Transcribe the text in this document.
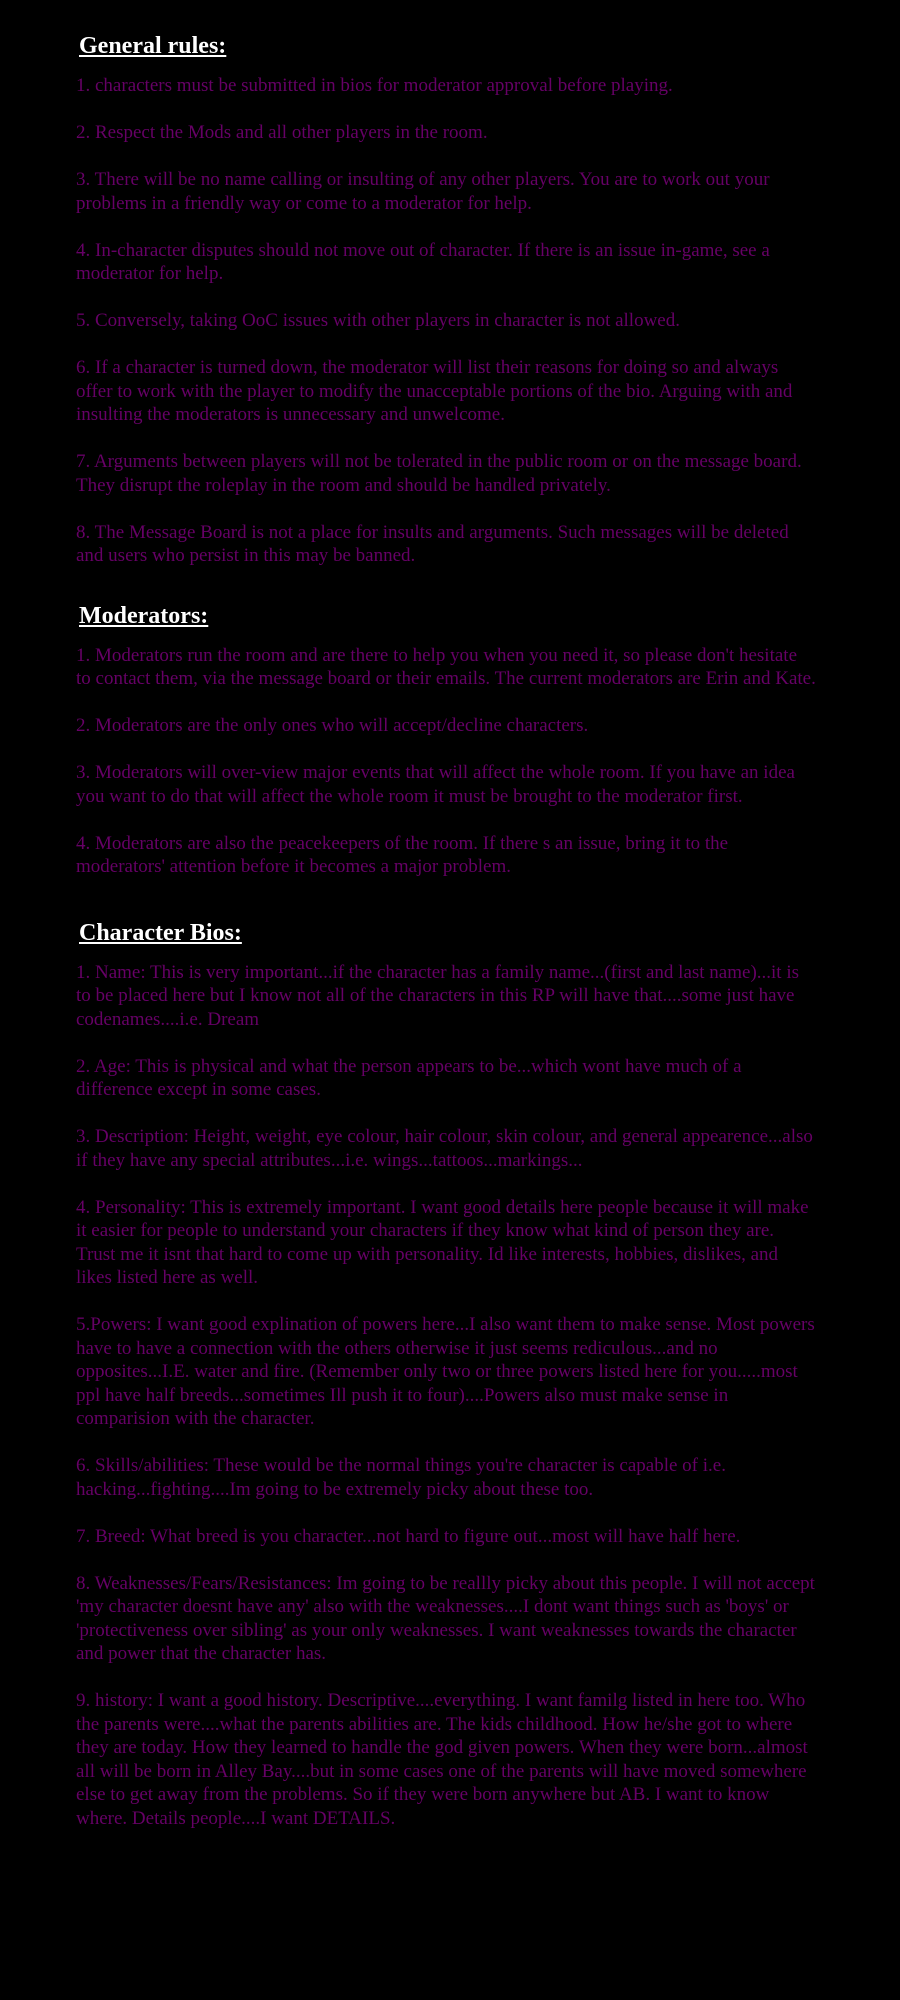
General rules:
1. characters must be submitted in bios for moderator approval before playing.
2. Respect the Mods and all other players in the room.
3. There will be no name calling or insulting of any other players. You are to work out your problems in a friendly way or come to a moderator for help.
4. In-character disputes should not move out of character. If there is an issue in-game, see a moderator for help.
5. Conversely, taking OoC issues with other players in character is not allowed.
6. If a character is turned down, the moderator will list their reasons for doing so and always offer to work with the player to modify the unacceptable portions of the bio. Arguing with and insulting the moderators is unnecessary and unwelcome.
7. Arguments between players will not be tolerated in the public room or on the message board. They disrupt the roleplay in the room and should be handled privately.
8. The Message Board is not a place for insults and arguments. Such messages will be deleted and users who persist in this may be banned.
Moderators:
1. Moderators run the room and are there to help you when you need it, so please don't hesitate to contact them, via the message board or their emails. The current moderators are Erin and Kate.
2. Moderators are the only ones who will accept/decline characters.
3. Moderators will over-view major events that will affect the whole room. If you have an idea you want to do that will affect the whole room it must be brought to the moderator first.
4. Moderators are also the peacekeepers of the room. If there s an issue, bring it to the moderators' attention before it becomes a major problem.
Character Bios:
1. Name: This is very important...if the character has a family name...(first and last name)...it is to be placed here but I know not all of the characters in this RP will have that....some just have codenames....i.e. Dream
2. Age: This is physical and what the person appears to be...which wont have much of a difference except in some cases.
3. Description: Height, weight, eye colour, hair colour, skin colour, and general appearence...also if they have any special attributes...i.e. wings...tattoos...markings...
4. Personality: This is extremely important. I want good details here people because it will make it easier for people to understand your characters if they know what kind of person they are. Trust me it isnt that hard to come up with personality. Id like interests, hobbies, dislikes, and likes listed here as well.
5.Powers: I want good explination of powers here...I also want them to make sense. Most powers have to have a connection with the others otherwise it just seems rediculous...and no opposites...I.E. water and fire. (Remember only two or three powers listed here for you.....most ppl have half breeds...sometimes Ill push it to four)....Powers also must make sense in comparision with the character.
6. Skills/abilities: These would be the normal things you're character is capable of i.e. hacking...fighting....Im going to be extremely picky about these too.
7. Breed: What breed is you character...not hard to figure out...most will have half here.
8. Weaknesses/Fears/Resistances: Im going to be reallly picky about this people. I will not accept 'my character doesnt have any' also with the weaknesses....I dont want things such as 'boys' or 'protectiveness over sibling' as your only weaknesses. I want weaknesses towards the character and power that the character has.
9. history: I want a good history. Descriptive....everything. I want familg listed in here too. Who the parents were....what the parents abilities are. The kids childhood. How he/she got to where they are today. How they learned to handle the god given powers. When they were born...almost all will be born in Alley Bay....but in some cases one of the parents will have moved somewhere else to get away from the problems. So if they were born anywhere but AB. I want to know where. Details people....I want DETAILS.
